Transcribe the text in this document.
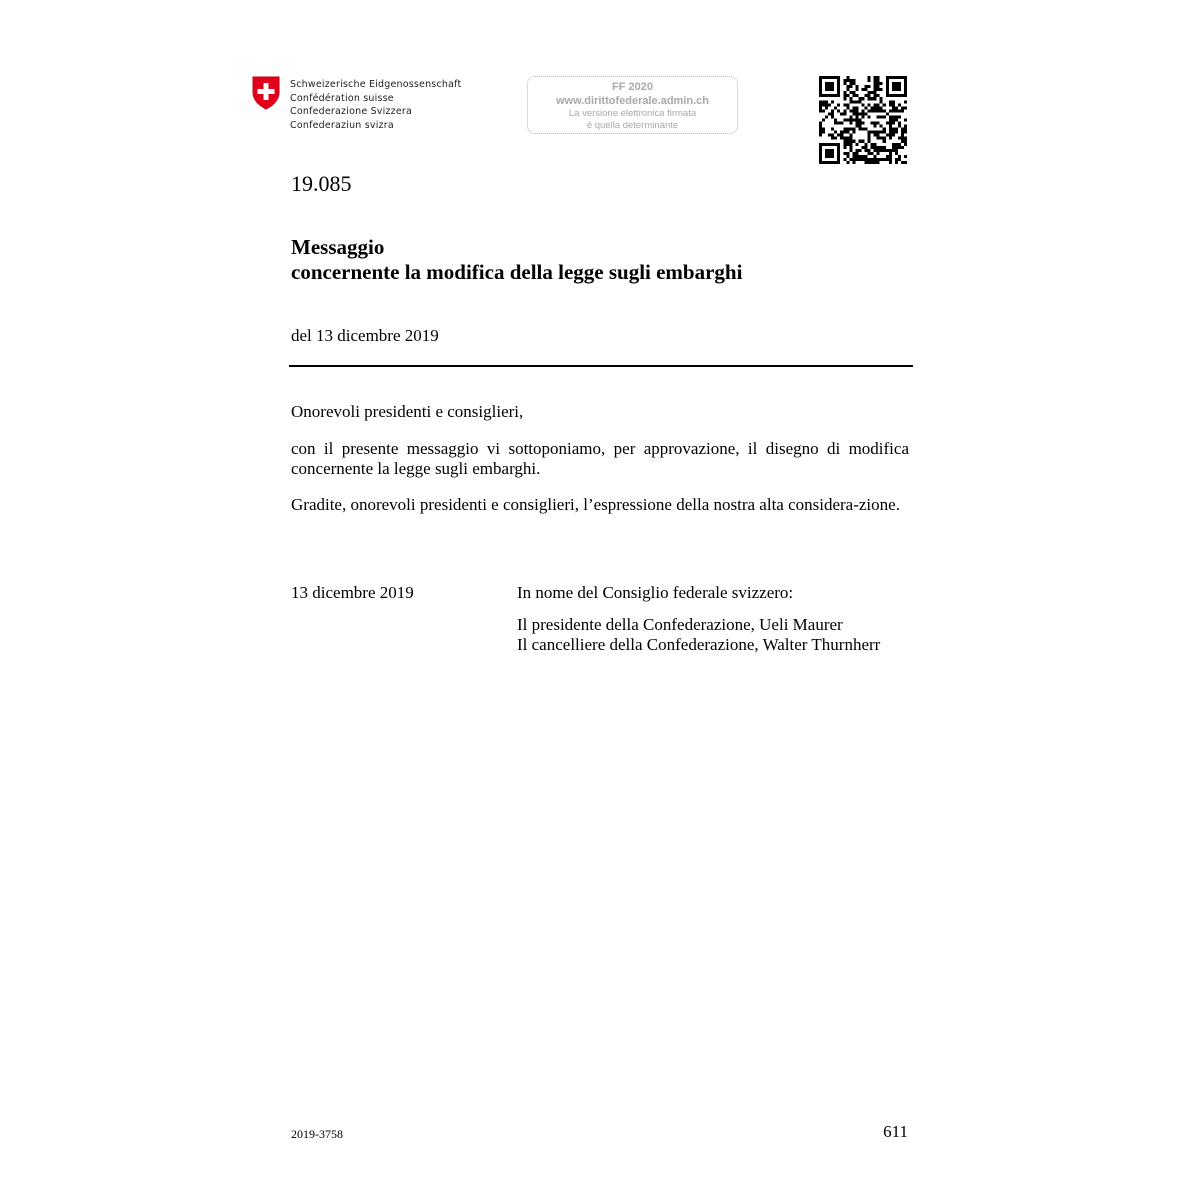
Schweizerische Eidgenossenschaft
Confédération suisse
Confederazione Svizzera
Confederaziun svizra
FF 2020
www.dirittofederale.admin.ch
La versione elettronica firmata
è quella determinante
19.085
Messaggio
concernente la modifica della legge sugli embarghi
del 13 dicembre 2019
Onorevoli presidenti e consiglieri,
con il presente messaggio vi sottoponiamo, per approvazione, il disegno di modifica concernente la legge sugli embarghi.
Gradite, onorevoli presidenti e consiglieri, l’espressione della nostra alta considera-zione.
13 dicembre 2019	In nome del Consiglio federale svizzero:
Il presidente della Confederazione, Ueli Maurer
Il cancelliere della Confederazione, Walter Thurnherr
2019-3758	611
